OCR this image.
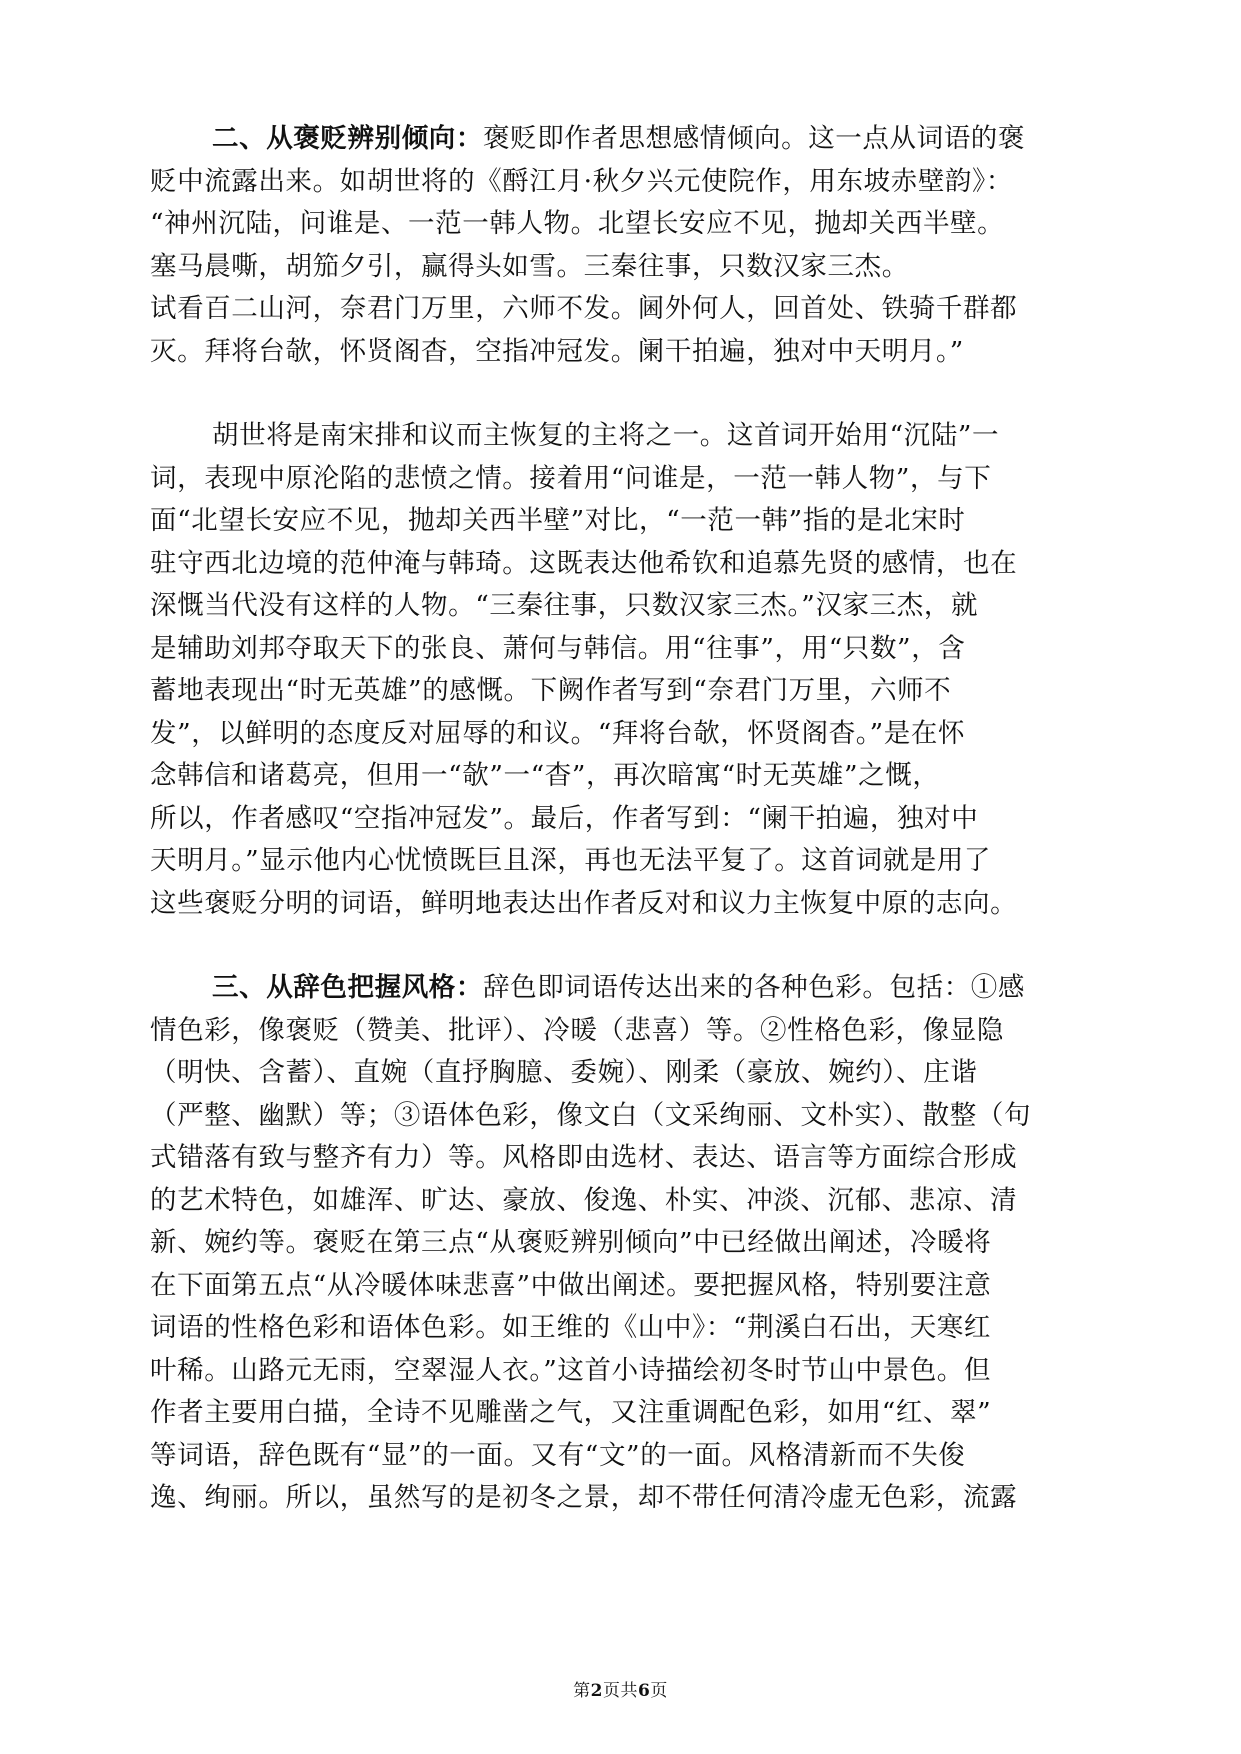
二、从褒贬辨别倾向：褒贬即作者思想感情倾向。这一点从词语的褒
贬中流露出来。如胡世将的《酹江月·秋夕兴元使院作，用东坡赤壁韵》：
“神州沉陆，问谁是、一范一韩人物。北望长安应不见，抛却关西半壁。
塞马晨嘶，胡笳夕引，赢得头如雪。三秦往事，只数汉家三杰。
试看百二山河，奈君门万里，六师不发。阃外何人，回首处、铁骑千群都
灭。拜将台欹，怀贤阁杳，空指冲冠发。阑干拍遍，独对中天明月。”
胡世将是南宋排和议而主恢复的主将之一。这首词开始用“沉陆”一
词，表现中原沦陷的悲愤之情。接着用“问谁是，一范一韩人物”，与下
面“北望长安应不见，抛却关西半壁”对比，“一范一韩”指的是北宋时
驻守西北边境的范仲淹与韩琦。这既表达他希钦和追慕先贤的感情，也在
深慨当代没有这样的人物。“三秦往事，只数汉家三杰。”汉家三杰，就
是辅助刘邦夺取天下的张良、萧何与韩信。用“往事”，用“只数”，含
蓄地表现出“时无英雄”的感慨。下阙作者写到“奈君门万里，六师不
发”，以鲜明的态度反对屈辱的和议。“拜将台欹，怀贤阁杳。”是在怀
念韩信和诸葛亮，但用一“欹”一“杳”，再次暗寓“时无英雄”之慨，
所以，作者感叹“空指冲冠发”。最后，作者写到：“阑干拍遍，独对中
天明月。”显示他内心忧愤既巨且深，再也无法平复了。这首词就是用了
这些褒贬分明的词语，鲜明地表达出作者反对和议力主恢复中原的志向。
三、从辞色把握风格：辞色即词语传达出来的各种色彩。包括：①感
情色彩，像褒贬（赞美、批评）、冷暖（悲喜）等。②性格色彩，像显隐
（明快、含蓄）、直婉（直抒胸臆、委婉）、刚柔（豪放、婉约）、庄谐
（严整、幽默）等；③语体色彩，像文白（文采绚丽、文朴实）、散整（句
式错落有致与整齐有力）等。风格即由选材、表达、语言等方面综合形成
的艺术特色，如雄浑、旷达、豪放、俊逸、朴实、冲淡、沉郁、悲凉、清
新、婉约等。褒贬在第三点“从褒贬辨别倾向”中已经做出阐述，冷暖将
在下面第五点“从冷暖体味悲喜”中做出阐述。要把握风格，特别要注意
词语的性格色彩和语体色彩。如王维的《山中》：“荆溪白石出，天寒红
叶稀。山路元无雨，空翠湿人衣。”这首小诗描绘初冬时节山中景色。但
作者主要用白描，全诗不见雕凿之气，又注重调配色彩，如用“红、翠”
等词语，辞色既有“显”的一面。又有“文”的一面。风格清新而不失俊
逸、绚丽。所以，虽然写的是初冬之景，却不带任何清冷虚无色彩，流露
第2页共6页
